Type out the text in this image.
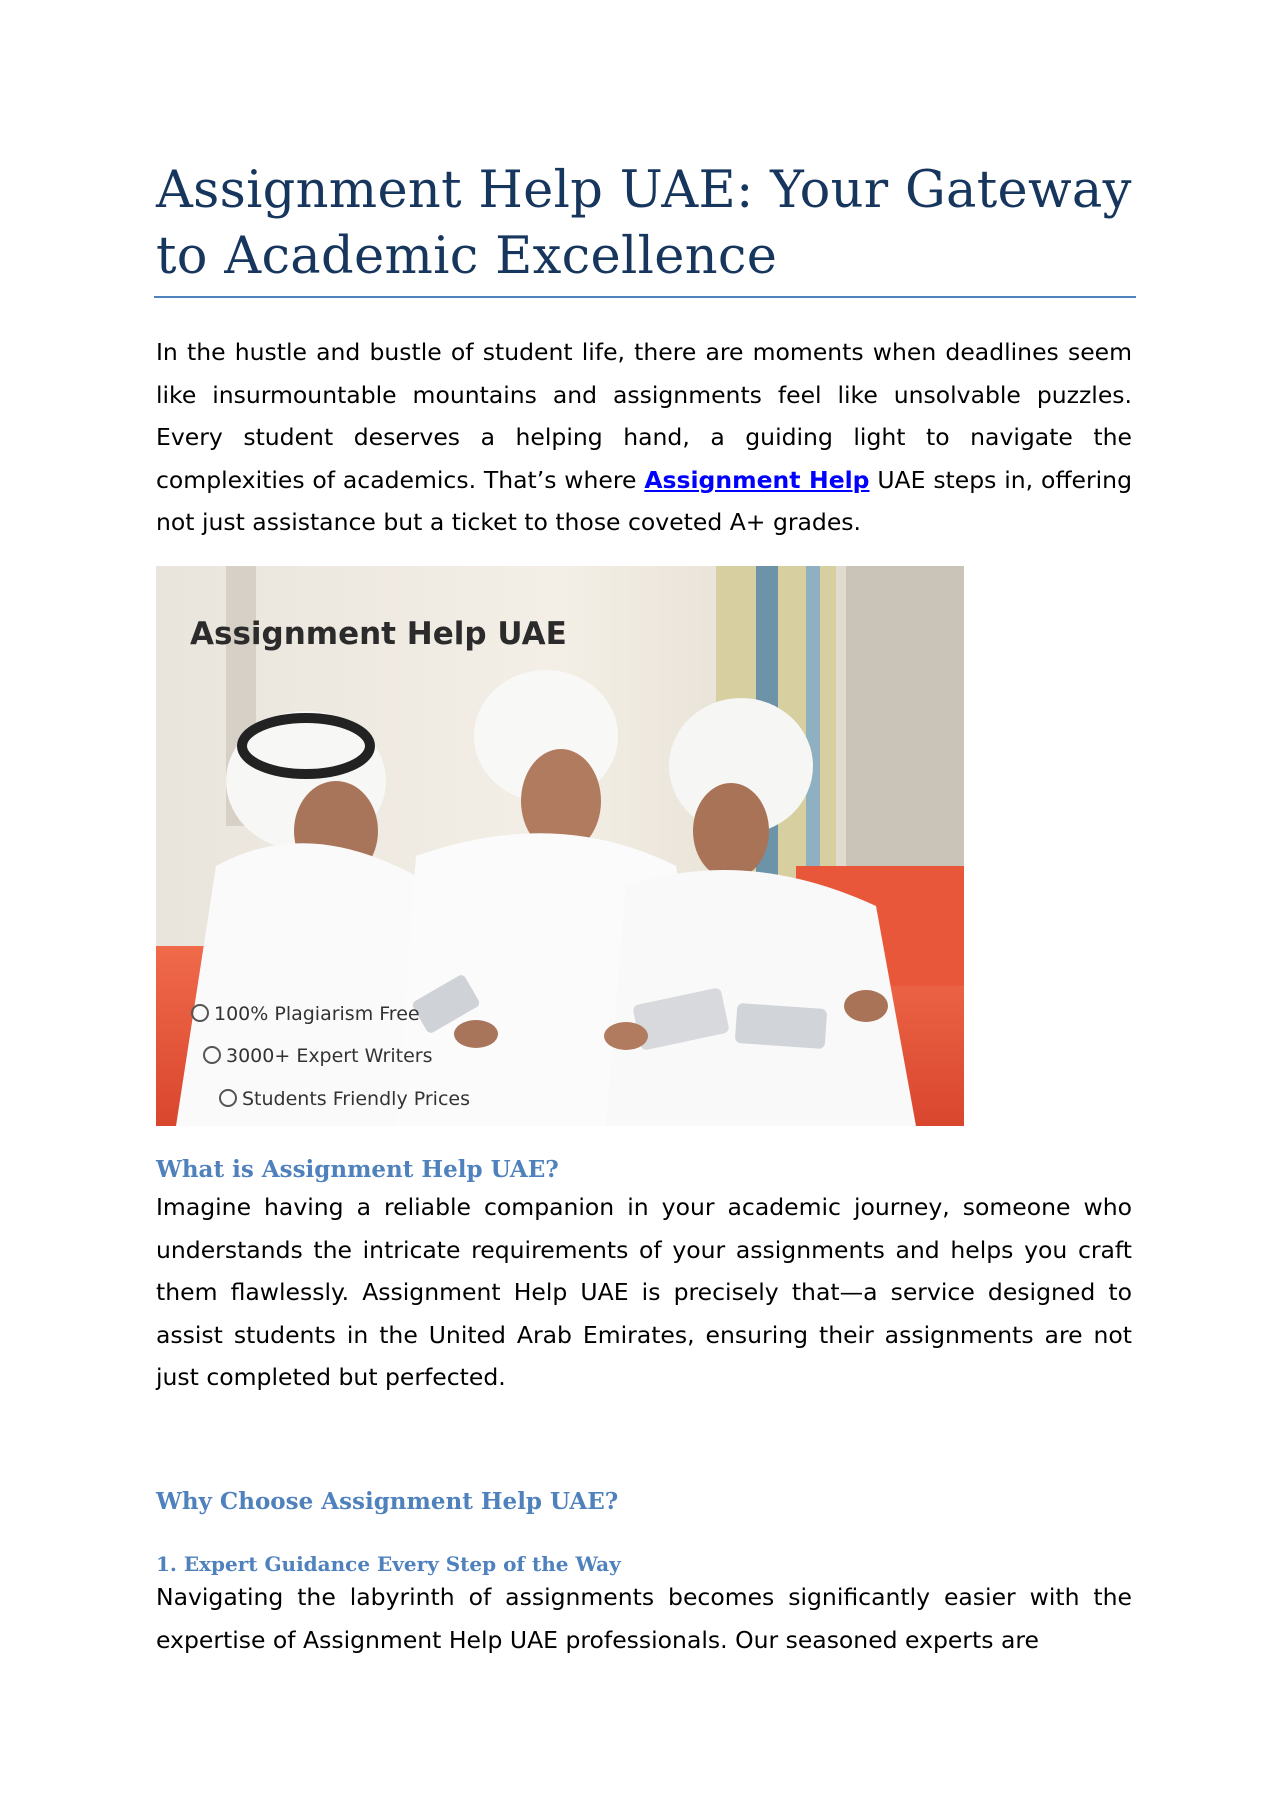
Assignment Help UAE: Your Gateway to Academic Excellence

In the hustle and bustle of student life, there are moments when deadlines seem like insurmountable mountains and assignments feel like unsolvable puzzles. Every student deserves a helping hand, a guiding light to navigate the complexities of academics. That’s where Assignment Help UAE steps in, offering not just assistance but a ticket to those coveted A+ grades.

Assignment Help UAE
100% Plagiarism Free
3000+ Expert Writers
Students Friendly Prices
What is Assignment Help UAE?

Imagine having a reliable companion in your academic journey, someone who understands the intricate requirements of your assignments and helps you craft them flawlessly. Assignment Help UAE is precisely that—a service designed to assist students in the United Arab Emirates, ensuring their assignments are not just completed but perfected.

Why Choose Assignment Help UAE?
1. Expert Guidance Every Step of the Way

Navigating the labyrinth of assignments becomes significantly easier with the expertise of Assignment Help UAE professionals. Our seasoned experts are
